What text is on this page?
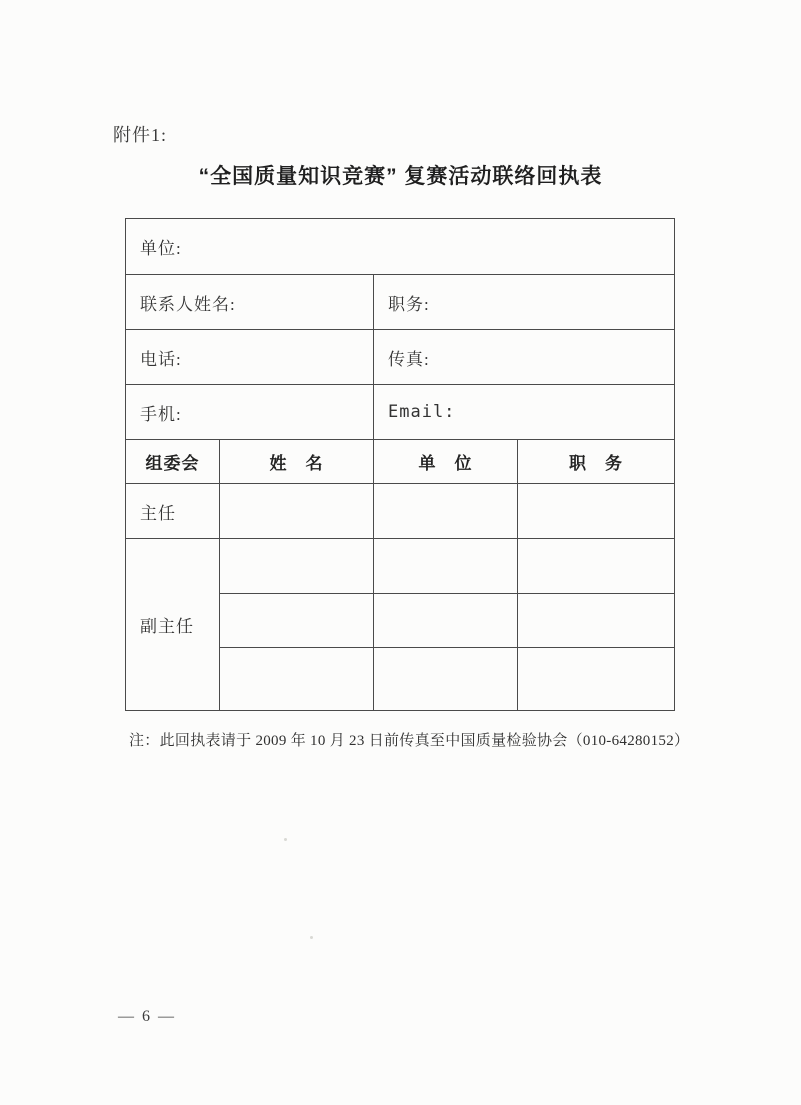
附件1:
“全国质量知识竞赛” 复赛活动联络回执表
单位:	
联系人姓名:	职务:
电话:	传真:
手机:	Email:
组委会	姓　名	单　位	职　务
主任			
副主任			

注：此回执表请于 2009 年 10 月 23 日前传真至中国质量检验协会（010-64280152）
— 6 —
